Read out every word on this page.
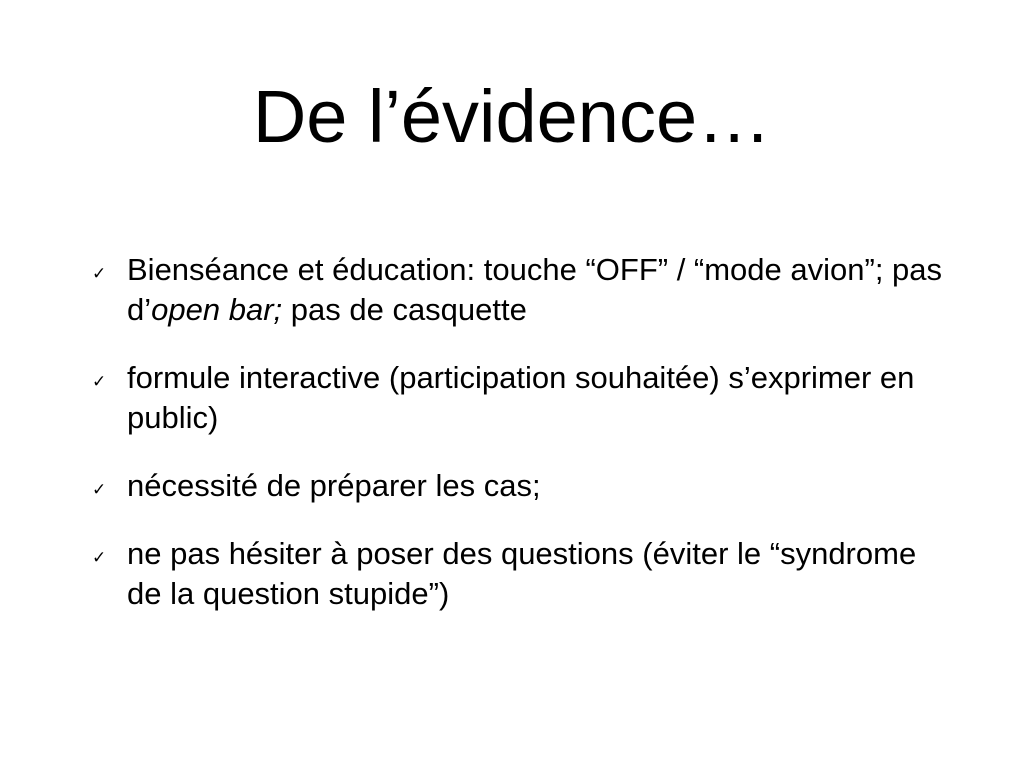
De l’évidence…
✓ Bienséance et éducation: touche “OFF” / “mode avion”; pas d’open bar; pas de casquette
✓ formule interactive (participation souhaitée) s’exprimer en public)
✓ nécessité de préparer les cas;
✓ ne pas hésiter à poser des questions (éviter le “syndrome de la question stupide”)
